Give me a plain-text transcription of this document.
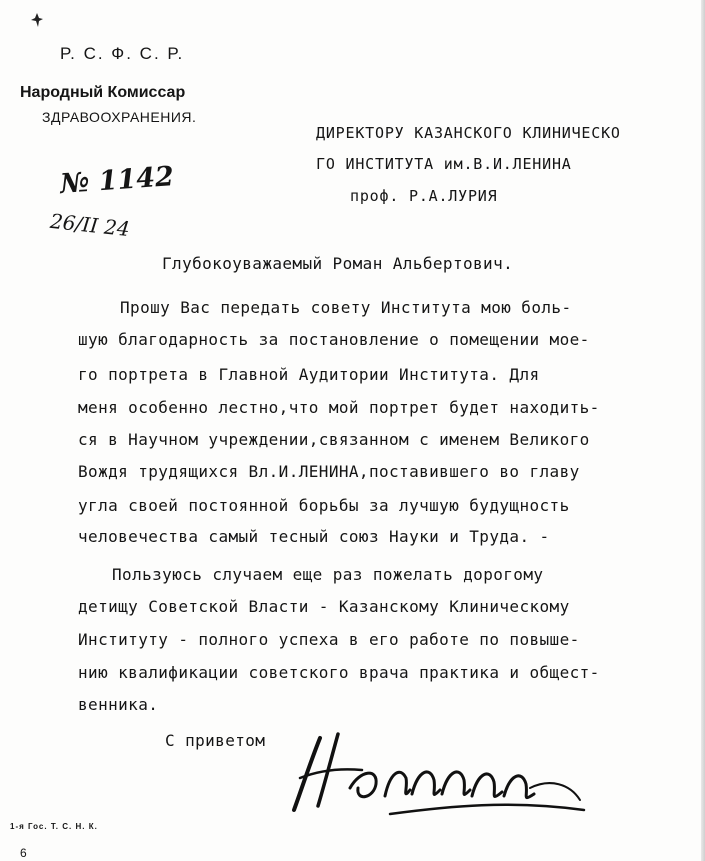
Р. С. Ф. С. Р.
Народный Комиссар
ЗДРАВООХРАНЕНИЯ.
№ 1142
26/II 24
ДИРЕКТОРУ КАЗАНСКОГО КЛИНИЧЕСКО
ГО ИНСТИТУТА им.В.И.ЛЕНИНА
проф. Р.А.ЛУРИЯ
Глубокоуважаемый Роман Альбертович.
Прошу Вас передать совету Института мою боль-
шую благодарность за постановление о помещении мое-
го портрета в Главной Аудитории Института. Для
меня особенно лестно,что мой портрет будет находить-
ся в Научном учреждении,связанном с именем Великого
Вождя трудящихся Вл.И.ЛЕНИНА,поставившего во главу
угла своей постоянной борьбы за лучшую будущность
человечества самый тесный союз Науки и Труда. -
Пользуюсь случаем еще раз пожелать дорогому
детищу Советской Власти - Казанскому Клиническому
Институту - полного успеха в его работе по повыше-
нию квалификации советского врача практика и общест-
венника.
С приветом
1-я Гос. Т. С. Н. К.
6
